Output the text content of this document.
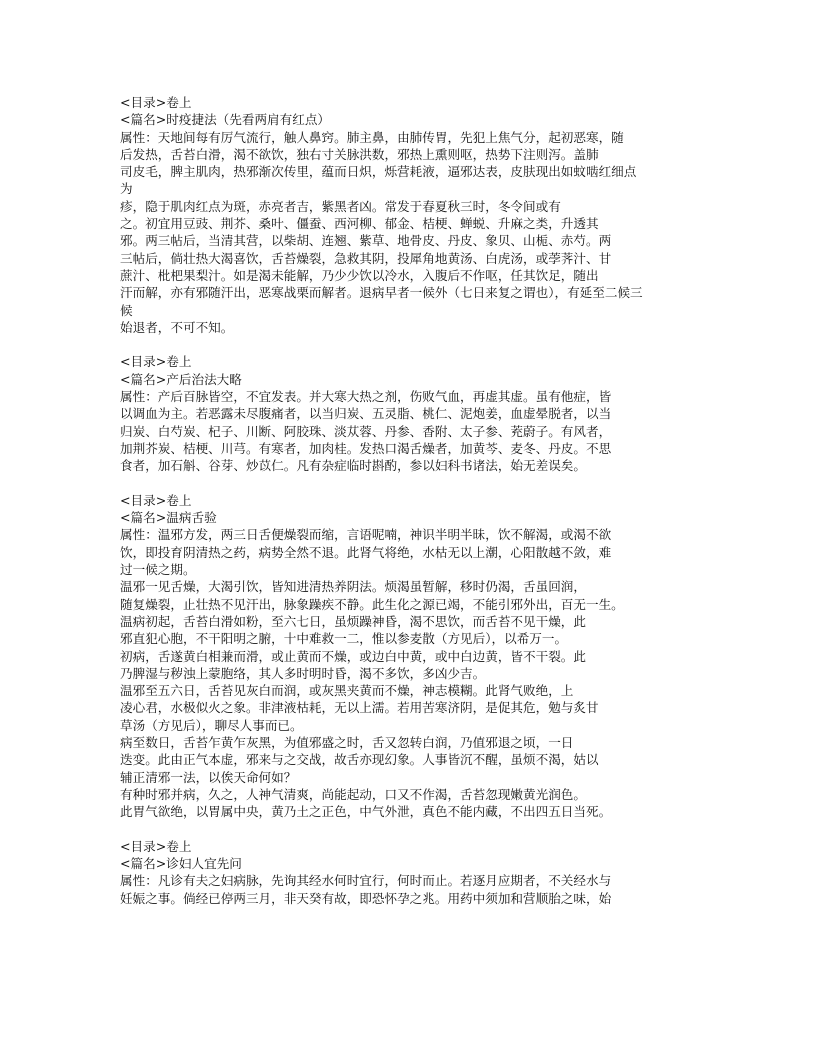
<目录>卷上
<篇名>时疫捷法（先看两肩有红点）
属性：天地间每有厉气流行，触人鼻窍。肺主鼻，由肺传胃，先犯上焦气分，起初恶寒，随
后发热，舌苔白滑，渴不欲饮，独右寸关脉洪数，邪热上熏则呕，热势下注则泻。盖肺
司皮毛，脾主肌肉，热邪渐次传里，蕴而日炽，烁营耗液，逼邪达表，皮肤现出如蚊啮红细点
为
疹，隐于肌肉红点为斑，赤亮者吉，紫黑者凶。常发于春夏秋三时，冬令间或有
之。初宜用豆豉、荆芥、桑叶、僵蚕、西河柳、郁金、桔梗、蝉蜕、升麻之类，升透其
邪。两三帖后，当清其营，以柴胡、连翘、紫草、地骨皮、丹皮、象贝、山栀、赤芍。两
三帖后，倘壮热大渴喜饮，舌苔燥裂，急救其阴，投犀角地黄汤、白虎汤，或荸荠汁、甘
蔗汁、枇杷果梨汁。如是渴未能解，乃少少饮以冷水，入腹后不作呕，任其饮足，随出
汗而解，亦有邪随汗出，恶寒战栗而解者。退病早者一候外（七日来复之谓也），有延至二候三
候
始退者，不可不知。
<目录>卷上
<篇名>产后治法大略
属性：产后百脉皆空，不宜发表。并大寒大热之剂，伤败气血，再虚其虚。虽有他症，皆
以调血为主。若恶露未尽腹痛者，以当归炭、五灵脂、桃仁、泥炮姜，血虚晕脱者，以当
归炭、白芍炭、杞子、川断、阿胶珠、淡苁蓉、丹参、香附、太子参、茺蔚子。有风者，
加荆芥炭、桔梗、川芎。有寒者，加肉桂。发热口渴舌燥者，加黄芩、麦冬、丹皮。不思
食者，加石斛、谷芽、炒苡仁。凡有杂症临时斟酌，参以妇科书诸法，始无差误矣。
<目录>卷上
<篇名>温病舌验
属性：温邪方发，两三日舌便燥裂而缩，言语呢喃，神识半明半昧，饮不解渴，或渴不欲
饮，即投育阴清热之药，病势全然不退。此肾气将绝，水枯无以上潮，心阳散越不敛，难
过一候之期。
温邪一见舌燥，大渴引饮，皆知进清热养阴法。烦渴虽暂解，移时仍渴，舌虽回润，
随复燥裂，止壮热不见汗出，脉象躁疾不静。此生化之源已竭，不能引邪外出，百无一生。
温病初起，舌苔白滑如粉，至六七日，虽烦躁神昏，渴不思饮，而舌苔不见干燥，此
邪直犯心胞，不干阳明之腑，十中难救一二，惟以参麦散（方见后），以希万一。
初病，舌遂黄白相兼而滑，或止黄而不燥，或边白中黄，或中白边黄，皆不干裂。此
乃脾湿与秽浊上蒙胞络，其人多时明时昏，渴不多饮，多凶少吉。
温邪至五六日，舌苔见灰白而润，或灰黑夹黄而不燥，神志模糊。此肾气败绝，上
凌心君，水极似火之象。非津液枯耗，无以上濡。若用苦寒济阴，是促其危，勉与炙甘
草汤（方见后），聊尽人事而已。
病至数日，舌苔乍黄乍灰黑，为值邪盛之时，舌又忽转白润，乃值邪退之顷，一日
迭变。此由正气本虚，邪来与之交战，故舌亦现幻象。人事皆沉不醒，虽烦不渴，姑以
辅正清邪一法，以俟天命何如？
有种时邪并病，久之，人神气清爽，尚能起动，口又不作渴，舌苔忽现嫩黄光润色。
此胃气欲绝，以胃属中央，黄乃土之正色，中气外泄，真色不能内藏，不出四五日当死。
<目录>卷上
<篇名>诊妇人宜先问
属性：凡诊有夫之妇病脉，先询其经水何时宜行，何时而止。若逐月应期者，不关经水与
妊娠之事。倘经已停两三月，非天癸有故，即恐怀孕之兆。用药中须加和营顺胎之味，始
